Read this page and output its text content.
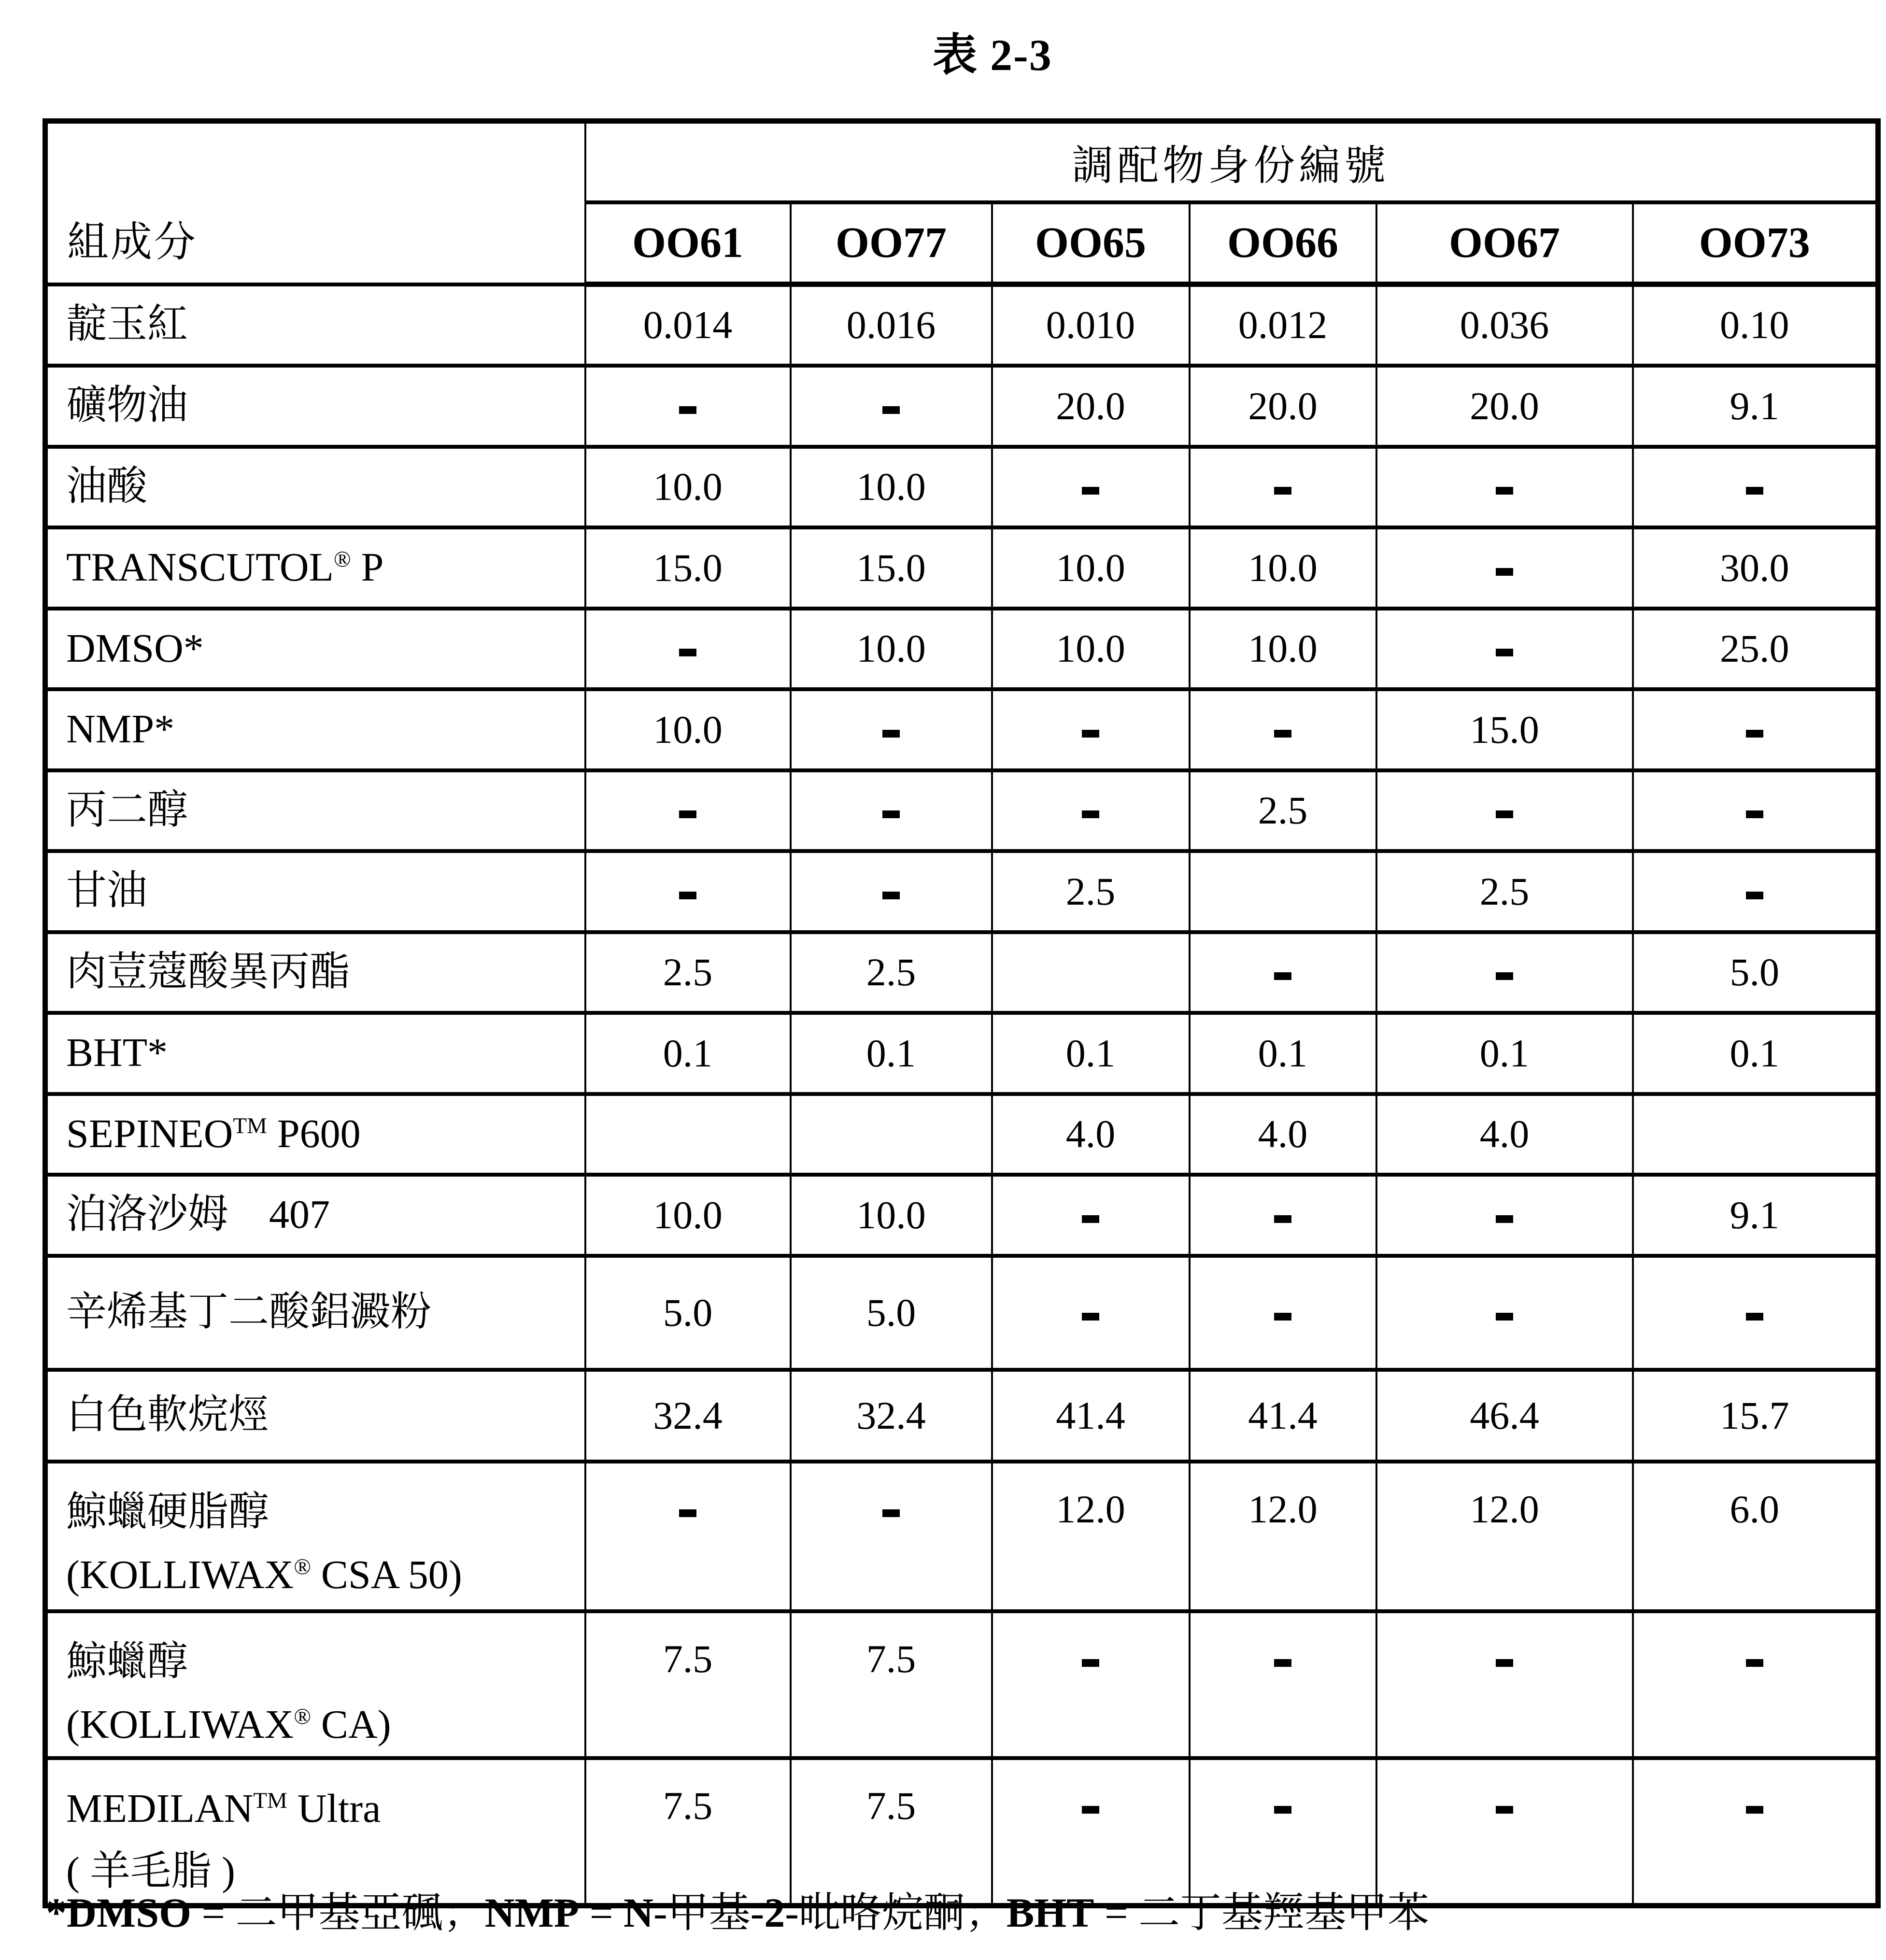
表 2-3
組成分	調配物身份編號					
	OO61	OO77	OO65	OO66	OO67	OO73

靛玉紅	0.014	0.016	0.010	0.012	0.036	0.10

礦物油			20.0	20.0	20.0	9.1

油酸	10.0	10.0				

TRANSCUTOL® P	15.0	15.0	10.0	10.0		30.0

DMSO*		10.0	10.0	10.0		25.0

NMP*	10.0				15.0	

丙二醇				2.5		

甘油			2.5		2.5	

肉荳蔻酸異丙酯	2.5	2.5				5.0

BHT*	0.1	0.1	0.1	0.1	0.1	0.1

SEPINEO™ P600			4.0	4.0	4.0	

泊洛沙姆　407	10.0	10.0				9.1

辛烯基丁二酸鋁澱粉	5.0	5.0				

白色軟烷烴	32.4	32.4	41.4	41.4	46.4	15.7

鯨蠟硬脂醇
(KOLLIWAX® CSA 50)			12.0	12.0	12.0	6.0

鯨蠟醇
(KOLLIWAX® CA)	7.5	7.5				

MEDILAN™ Ultra
( 羊毛脂 )	7.5	7.5				
*DMSO = 二甲基亞碸；NMP = N-甲基-2-吡咯烷酮；BHT = 二丁基羥基甲苯
